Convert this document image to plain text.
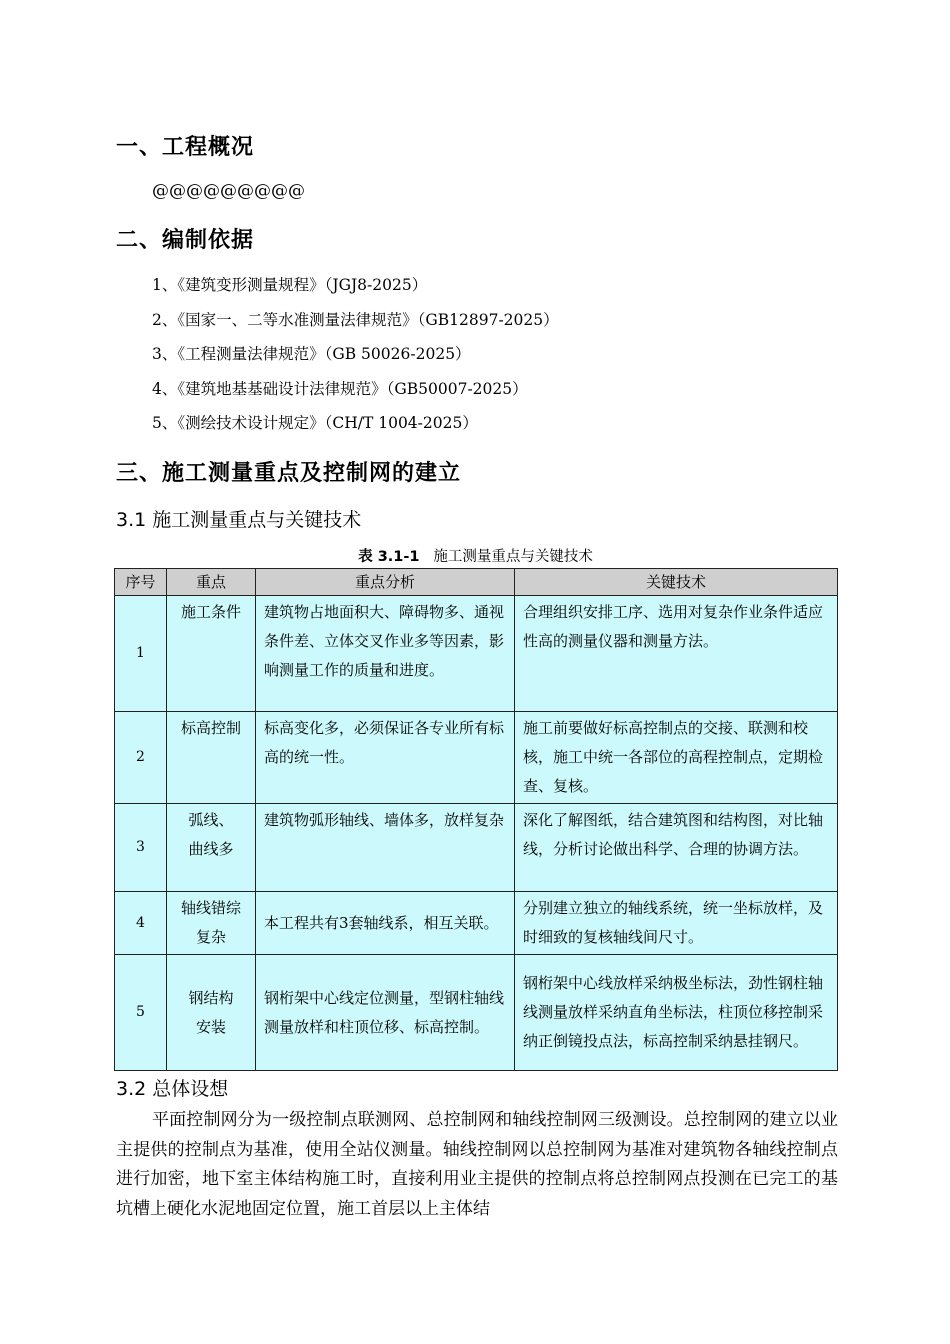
一、工程概况
@@@@@@@@@
二、编制依据
1、《建筑变形测量规程》（JGJ8-2025）
2、《国家一、二等水准测量法律规范》（GB12897-2025）
3、《工程测量法律规范》（GB 50026-2025）
4、《建筑地基基础设计法律规范》（GB50007-2025）
5、《测绘技术设计规定》（CH/T 1004-2025）
三、施工测量重点及控制网的建立
3.1 施工测量重点与关键技术
表 3.1-1 施工测量重点与关键技术
序号	重点	重点分析	关键技术
1	施工条件	建筑物占地面积大、障碍物多、通视条件差、立体交叉作业多等因素，影响测量工作的质量和进度。	合理组织安排工序、选用对复杂作业条件适应性高的测量仪器和测量方法。
2	标高控制	标高变化多，必须保证各专业所有标高的统一性。	施工前要做好标高控制点的交接、联测和校核，施工中统一各部位的高程控制点，定期检查、复核。
3	弧线、
曲线多	建筑物弧形轴线、墙体多，放样复杂	深化了解图纸，结合建筑图和结构图，对比轴线，分析讨论做出科学、合理的协调方法。
4	轴线错综
复杂	本工程共有3套轴线系，相互关联。	分别建立独立的轴线系统，统一坐标放样，及时细致的复核轴线间尺寸。
5	钢结构
安装	钢桁架中心线定位测量，型钢柱轴线测量放样和柱顶位移、标高控制。	钢桁架中心线放样采纳极坐标法，劲性钢柱轴线测量放样采纳直角坐标法，柱顶位移控制采纳正倒镜投点法，标高控制采纳悬挂钢尺。
3.2 总体设想

平面控制网分为一级控制点联测网、总控制网和轴线控制网三级测设。总控制网的建立以业主提供的控制点为基准，使用全站仪测量。轴线控制网以总控制网为基准对建筑物各轴线控制点进行加密，地下室主体结构施工时，直接利用业主提供的控制点将总控制网点投测在已完工的基坑槽上硬化水泥地固定位置，施工首层以上主体结
